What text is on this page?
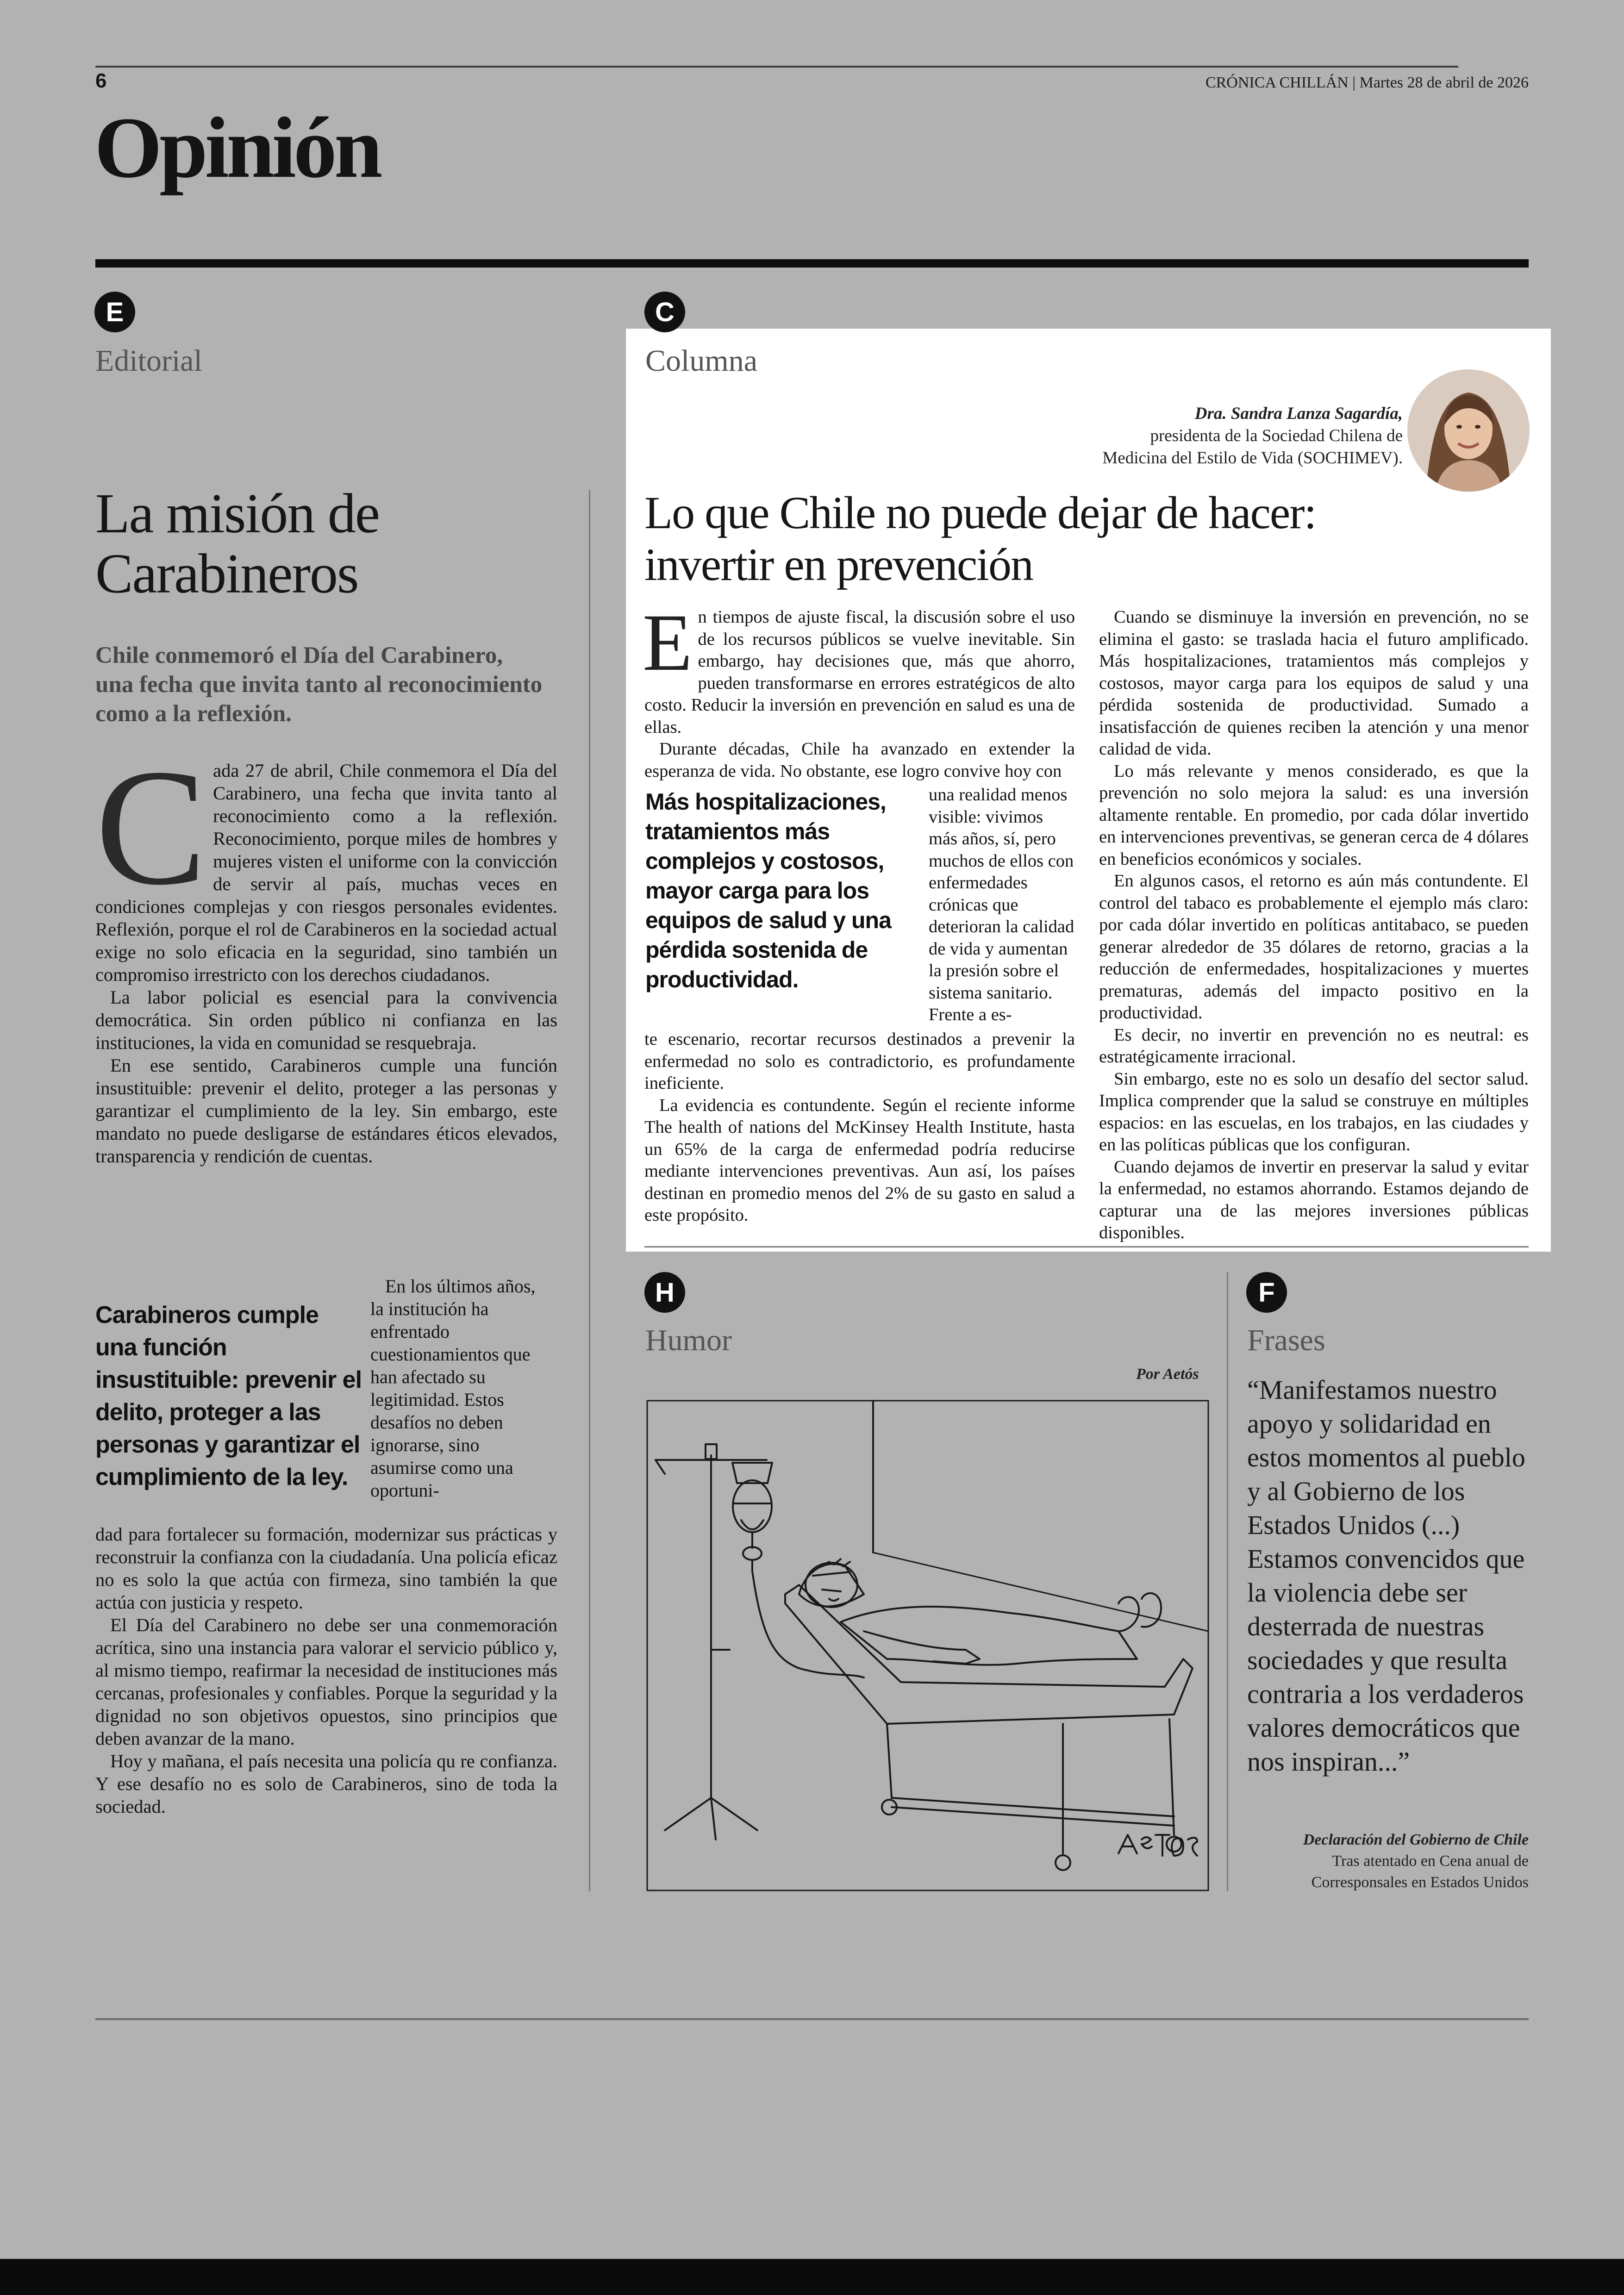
6	CRÓNICA CHILLÁN | Martes 28 de abril de 2026
Opinión
E
Editorial
La misión de Carabineros
Chile conmemoró el Día del Carabinero, una fecha que invita tanto al reconocimiento como a la reflexión.

Cada 27 de abril, Chile conmemora el Día del Carabinero, una fecha que invita tanto al reconocimiento como a la reflexión. Reconocimiento, porque miles de hombres y mujeres visten el uniforme con la convicción de servir al país, muchas veces en condiciones complejas y con riesgos personales evidentes. Reflexión, porque el rol de Carabineros en la sociedad actual exige no solo eficacia en la seguridad, sino también un compromiso irrestricto con los derechos ciudadanos.

La labor policial es esencial para la convivencia democrática. Sin orden público ni confianza en las instituciones, la vida en comunidad se resquebraja.

En ese sentido, Carabineros cumple una función insustituible: prevenir el delito, proteger a las personas y garantizar el cumplimiento de la ley. Sin embargo, este mandato no puede desligarse de estándares éticos elevados, transparencia y rendición de cuentas.

Carabineros cumple una función insustituible: prevenir el delito, proteger a las personas y garantizar el cumplimiento de la ley.

En los últimos años, la institución ha enfrentado cuestionamientos que han afectado su legitimidad. Estos desafíos no deben ignorarse, sino asumirse como una oportuni-

dad para fortalecer su formación, modernizar sus prácticas y reconstruir la confianza con la ciudadanía. Una policía eficaz no es solo la que actúa con firmeza, sino también la que actúa con justicia y respeto.

El Día del Carabinero no debe ser una conmemoración acrítica, sino una instancia para valorar el servicio público y, al mismo tiempo, reafirmar la necesidad de instituciones más cercanas, profesionales y confiables. Porque la seguridad y la dignidad no son objetivos opuestos, sino principios que deben avanzar de la mano.

Hoy y mañana, el país necesita una policía qu re confianza. Y ese desafío no es solo de Carabineros, sino de toda la sociedad.

C
Columna
Dra. Sandra Lanza Sagardía,
presidenta de la Sociedad Chilena de
Medicina del Estilo de Vida (SOCHIMEV).
Lo que Chile no puede dejar de hacer: invertir en prevención

En tiempos de ajuste fiscal, la discusión sobre el uso de los recursos públicos se vuelve inevitable. Sin embargo, hay decisiones que, más que ahorro, pueden transformarse en errores estratégicos de alto costo. Reducir la inversión en prevención en salud es una de ellas.

Durante décadas, Chile ha avanzado en extender la esperanza de vida. No obstante, ese logro convive hoy con

Más hospitalizaciones, tratamientos más complejos y costosos, mayor carga para los equipos de salud y una pérdida sostenida de productividad.

una realidad menos visible: vivimos más años, sí, pero muchos de ellos con enfermedades crónicas que deterioran la calidad de vida y aumentan la presión sobre el sistema sanitario. Frente a es-

te escenario, recortar recursos destinados a prevenir la enfermedad no solo es contradictorio, es profundamente ineficiente.

La evidencia es contundente. Según el reciente informe The health of nations del McKinsey Health Institute, hasta un 65% de la carga de enfermedad podría reducirse mediante intervenciones preventivas. Aun así, los países destinan en promedio menos del 2% de su gasto en salud a este propósito.

Cuando se disminuye la inversión en prevención, no se elimina el gasto: se traslada hacia el futuro amplificado. Más hospitalizaciones, tratamientos más complejos y costosos, mayor carga para los equipos de salud y una pérdida sostenida de productividad. Sumado a insatisfacción de quienes reciben la atención y una menor calidad de vida.

Lo más relevante y menos considerado, es que la prevención no solo mejora la salud: es una inversión altamente rentable. En promedio, por cada dólar invertido en intervenciones preventivas, se generan cerca de 4 dólares en beneficios económicos y sociales.

En algunos casos, el retorno es aún más contundente. El control del tabaco es probablemente el ejemplo más claro: por cada dólar invertido en políticas antitabaco, se pueden generar alrededor de 35 dólares de retorno, gracias a la reducción de enfermedades, hospitalizaciones y muertes prematuras, además del impacto positivo en la productividad.

Es decir, no invertir en prevención no es neutral: es estratégicamente irracional.

Sin embargo, este no es solo un desafío del sector salud. Implica comprender que la salud se construye en múltiples espacios: en las escuelas, en los trabajos, en las ciudades y en las políticas públicas que los configuran.

Cuando dejamos de invertir en preservar la salud y evitar la enfermedad, no estamos ahorrando. Estamos dejando de capturar una de las mejores inversiones públicas disponibles.

H
Humor
Por Aetós
F
Frases
“Manifestamos nuestro apoyo y solidaridad en estos momentos al pueblo y al Gobierno de los Estados Unidos (...) Estamos convencidos que la violencia debe ser desterrada de nuestras sociedades y que resulta contraria a los verdaderos valores democráticos que nos inspiran...”
Declaración del Gobierno de Chile
Tras atentado en Cena anual de
Corresponsales en Estados Unidos
